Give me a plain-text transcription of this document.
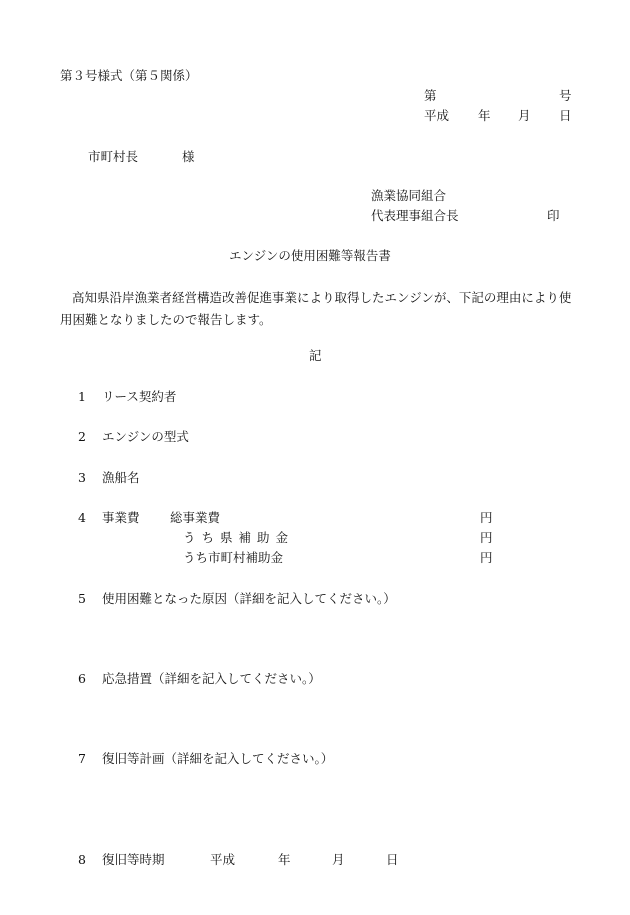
第３号様式（第５関係）
第	号
平成 年 月 日
市町村長	様
漁業協同組合
代表理事組合長	印
エンジンの使用困難等報告書
高知県沿岸漁業者経営構造改善促進事業により取得したエンジンが、下記の理由により使用困難となりましたので報告します。
記
1 リース契約者
2 エンジンの型式
3 漁船名
4 事業費 総事業費	円
うち県補助金	円
うち市町村補助金	円
5 使用困難となった原因（詳細を記入してください。）
6 応急措置（詳細を記入してください。）
7 復旧等計画（詳細を記入してください。）
8 復旧等時期	平成	年	月	日
